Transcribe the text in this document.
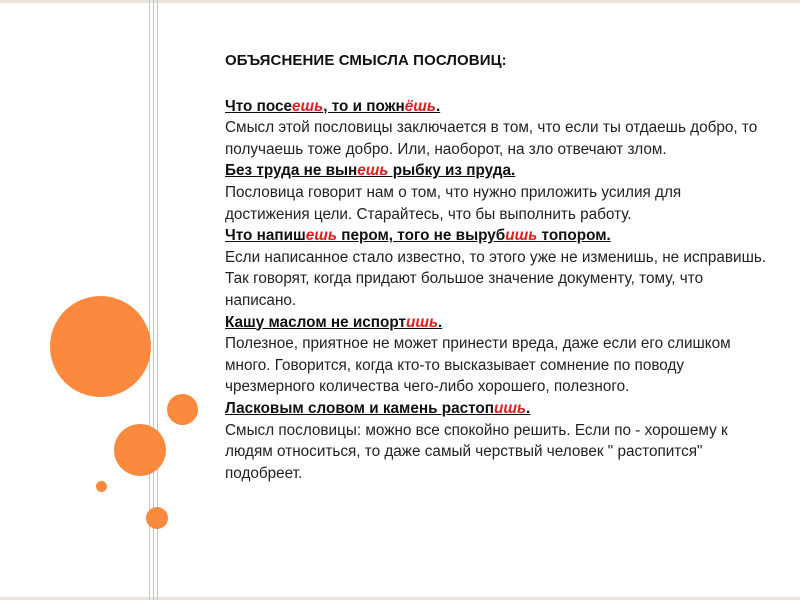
ОБЪЯСНЕНИЕ СМЫСЛА ПОСЛОВИЦ:

Что посеешь, то и пожнёшь.

Смысл этой пословицы заключается в том, что если ты отдаешь добро, то получаешь тоже добро. Или, наоборот, на зло отвечают злом.

Без труда не вынешь рыбку из пруда.

Пословица говорит нам о том, что нужно приложить усилия для достижения цели. Старайтесь, что бы выполнить работу.

Что напишешь пером, того не вырубишь топором.

Если написанное стало известно, то этого уже не изменишь, не исправишь. Так говорят, когда придают большое значение документу, тому, что написано.

Кашу маслом не испортишь.

Полезное, приятное не может принести вреда, даже если его слишком много. Говорится, когда кто-то высказывает сомнение по поводу чрезмерного количества чего-либо хорошего, полезного.

Ласковым словом и камень растопишь.

Смысл пословицы: можно все спокойно решить. Если по - хорошему к людям относиться, то даже самый черствый человек " растопится" подобреет.
